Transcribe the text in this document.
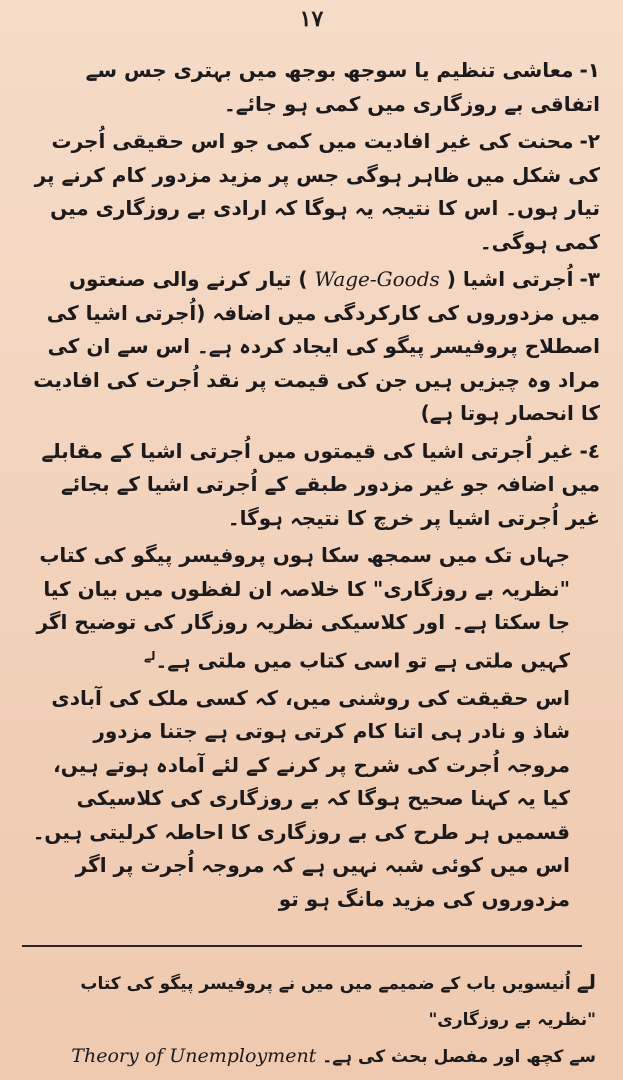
١٧

١-معاشی تنظیم یا سوجھ بوجھ میں بہتری جس سے اتفاقی بے روزگاری میں کمی ہو جائے۔

٢-محنت کی غیر افادیت میں کمی جو اس حقیقی اُجرت کی شکل میں ظاہر ہوگی جس پر مزید مزدور کام کرنے پر تیار ہوں۔ اس کا نتیجہ یہ ہوگا کہ ارادی بے روزگاری میں کمی ہوگی۔

٣-اُجرتی اشیا ( Wage-Goods ) تیار کرنے والی صنعتوں میں مزدوروں کی کارکردگی میں اضافہ (اُجرتی اشیا کی اصطلاح پروفیسر پیگو کی ایجاد کردہ ہے۔ اس سے ان کی مراد وہ چیزیں ہیں جن کی قیمت پر نقد اُجرت کی افادیت کا انحصار ہوتا ہے)

٤-غیر اُجرتی اشیا کی قیمتوں میں اُجرتی اشیا کے مقابلے میں اضافہ جو غیر مزدور طبقے کے اُجرتی اشیا کے بجائے غیر اُجرتی اشیا پر خرچ کا نتیجہ ہوگا۔

جہاں تک میں سمجھ سکا ہوں پروفیسر پیگو کی کتاب "نظریہ بے روزگاری" کا خلاصہ ان لفظوں میں بیان کیا جا سکتا ہے۔ اور کلاسیکی نظریہ روزگار کی توضیح اگر کہیں ملتی ہے تو اسی کتاب میں ملتی ہے۔$^{لے}$

اس حقیقت کی روشنی میں، کہ کسی ملک کی آبادی شاذ و نادر ہی اتنا کام کرتی ہوتی ہے جتنا مزدور مروجہ اُجرت کی شرح پر کرنے کے لئے آمادہ ہوتے ہیں، کیا یہ کہنا صحیح ہوگا کہ بے روزگاری کی کلاسیکی قسمیں ہر طرح کی بے روزگاری کا احاطہ کرلیتی ہیں۔ اس میں کوئی شبہ نہیں ہے کہ مروجہ اُجرت پر اگر مزدوروں کی مزید مانگ ہو تو

لےاُنیسویں باب کے ضمیمے میں میں نے پروفیسر پیگو کی کتاب "نظریہ بے روزگاری"

سے کچھ اور مفصل بحث کی ہے۔ Theory of Unemployment
